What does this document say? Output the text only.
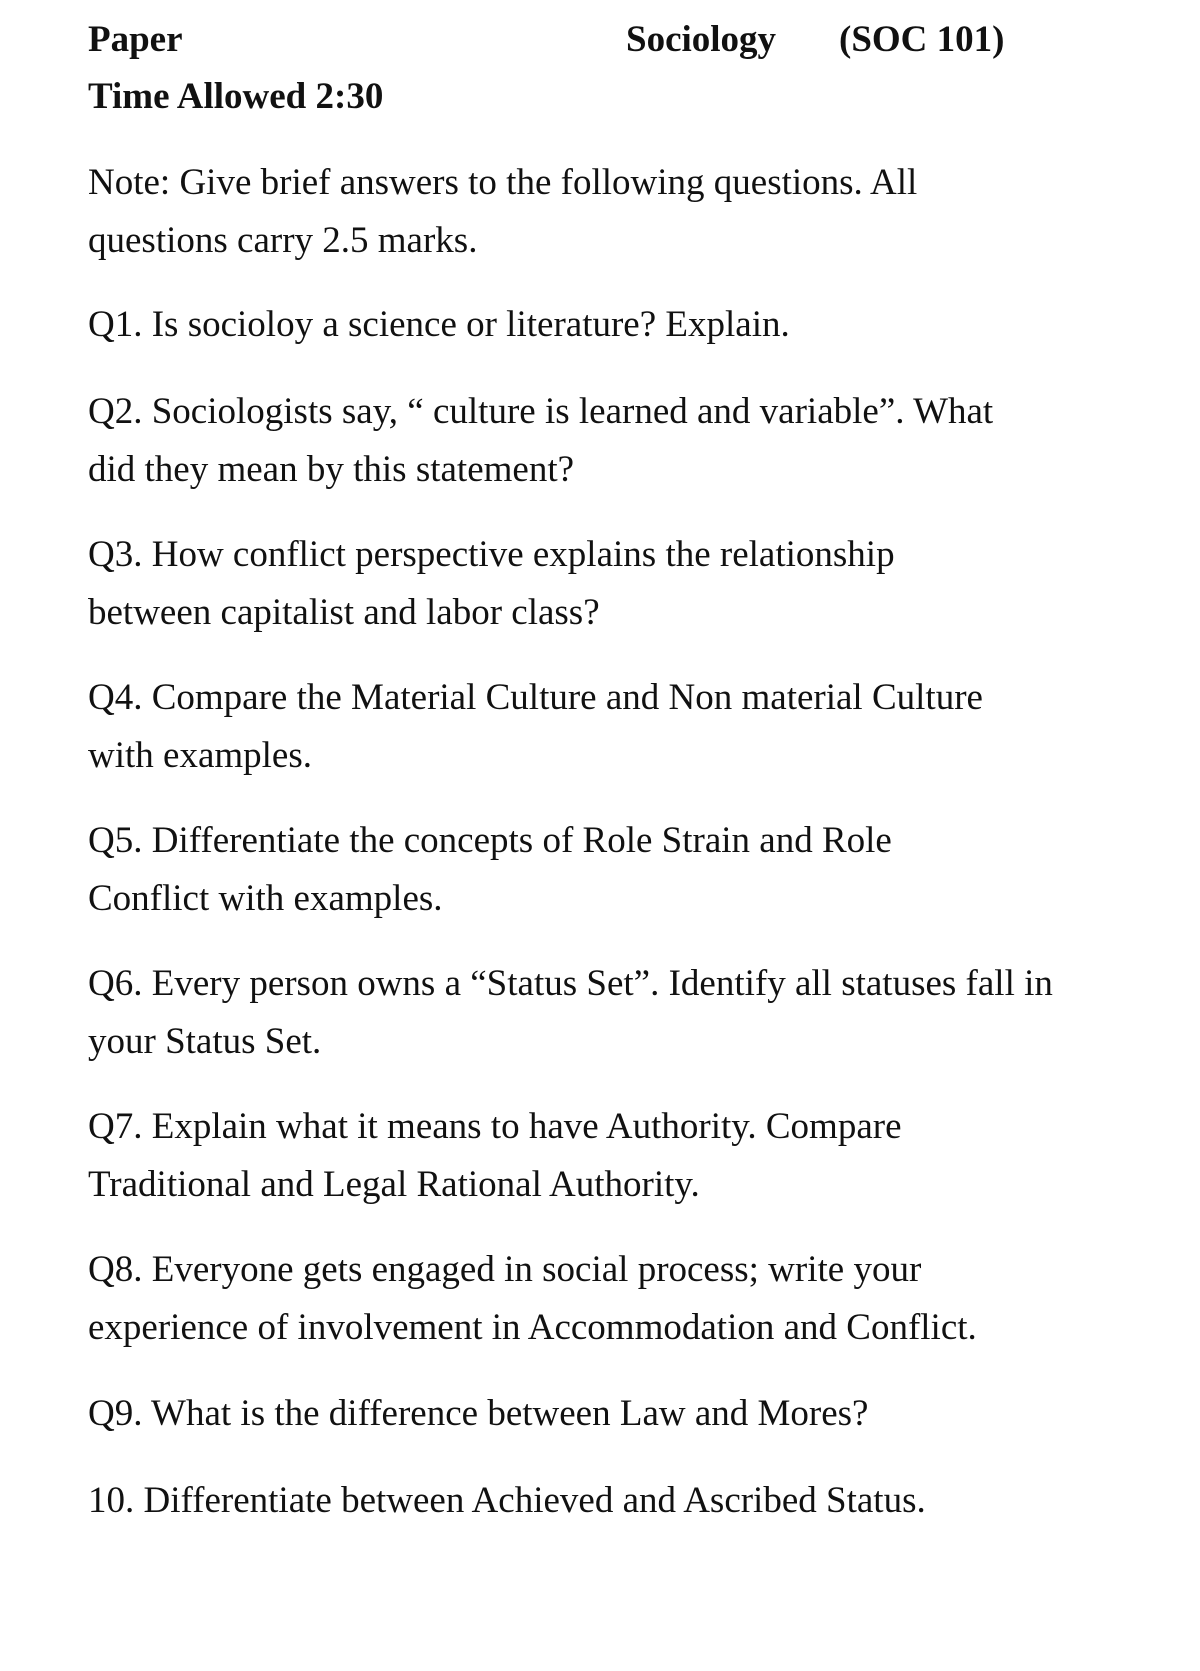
Paper	Sociology (SOC 101)
Time Allowed 2:30

Note: Give brief answers to the following questions. All questions carry 2.5 marks.

Q1. Is socioloy a science or literature? Explain.

Q2. Sociologists say, “ culture is learned and variable”. What did they mean by this statement?

Q3. How conflict perspective explains the relationship between capitalist and labor class?

Q4. Compare the Material Culture and Non material Culture with examples.

Q5. Differentiate the concepts of Role Strain and Role Conflict with examples.

Q6. Every person owns a “Status Set”. Identify all statuses fall in your Status Set.

Q7. Explain what it means to have Authority. Compare Traditional and Legal Rational Authority.

Q8. Everyone gets engaged in social process; write your experience of involvement in Accommodation and Conflict.

Q9. What is the difference between Law and Mores?

10. Differentiate between Achieved and Ascribed Status.
